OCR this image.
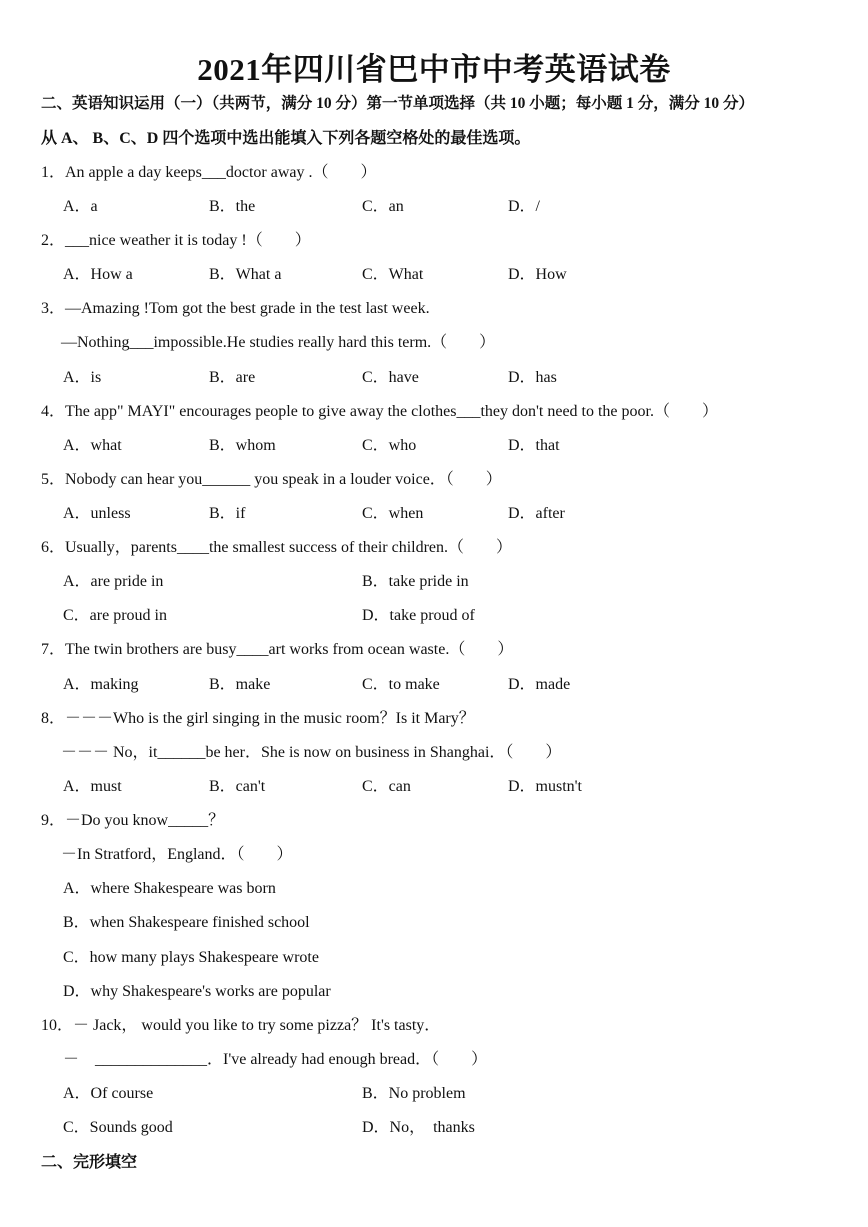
2021年四川省巴中市中考英语试卷
二、英语知识运用（一）（共两节，满分 10 分）第一节单项选择（共 10 小题；每小题 1 分，满分 10 分）
从 A、 B、C、D 四个选项中选出能填入下列各题空格处的最佳选项。
1．An apple a day keeps___doctor away .（　　）
A．a	B．the	C．an	D．/
2．___nice weather it is today !（　　）
A．How a	B．What a	C．What	D．How
3．—Amazing !Tom got the best grade in the test last week.
—Nothing___impossible.He studies really hard this term.（　　）
A．is	B．are	C．have	D．has
4．The app" MAYI" encourages people to give away the clothes___they don't need to the poor.（　　）
A．what	B．whom	C．who	D．that
5．Nobody can hear you______ you speak in a louder voice．（　　）
A．unless	B．if	C．when	D．after
6．Usually，parents____the smallest success of their children.（　　）
A．are pride in	B．take pride in
C．are proud in	D．take proud of
7．The twin brothers are busy____art works from ocean waste.（　　）
A．making	B．make	C．to make	D．made
8．－－－Who is the girl singing in the music room？Is it Mary？
－－－ No，it______be her．She is now on business in Shanghai．（　　）
A．must	B．can't	C．can	D．mustn't
9．－Do you know_____？
－In Stratford，England．（　　）
A．where Shakespeare was born
B．when Shakespeare finished school
C．how many plays Shakespeare wrote
D．why Shakespeare's works are popular
10．－ Jack， would you like to try some pizza？ It's tasty．
－　______________．I've already had enough bread．（　　）
A．Of course	B．No problem
C．Sounds good	D．No，　thanks
二、完形填空
